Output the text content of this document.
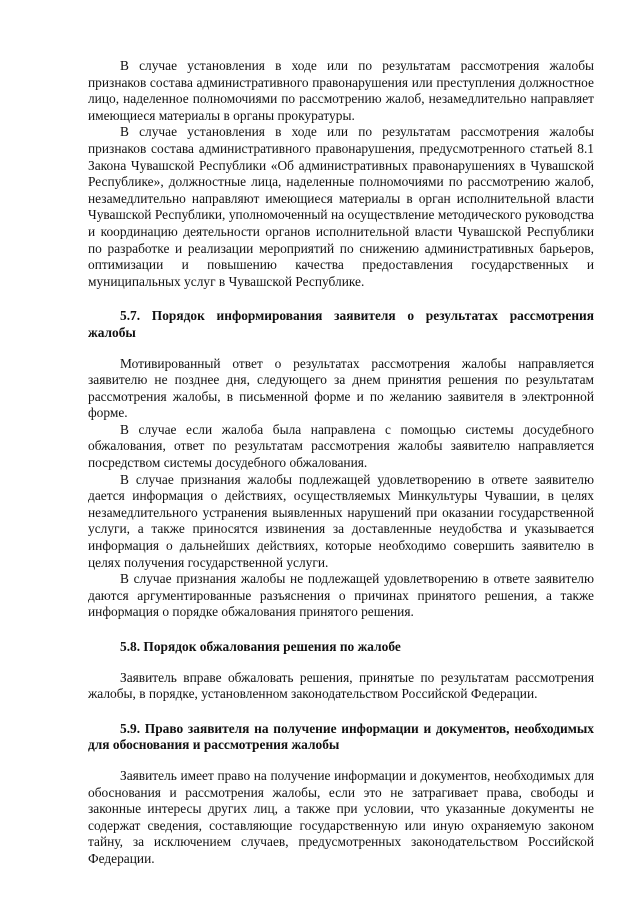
В случае установления в ходе или по результатам рассмотрения жалобы признаков состава административного правонарушения или преступления должностное лицо, наделенное полномочиями по рассмотрению жалоб, незамедлительно направляет имеющиеся материалы в органы прокуратуры.

В случае установления в ходе или по результатам рассмотрения жалобы признаков состава административного правонарушения, предусмотренного статьей 8.1 Закона Чувашской Республики «Об административных правонарушениях в Чувашской Республике», должностные лица, наделенные полномочиями по рассмотрению жалоб, незамедлительно направляют имеющиеся материалы в орган исполнительной власти Чувашской Республики, уполномоченный на осуществление методического руководства и координацию деятельности органов исполнительной власти Чувашской Республики по разработке и реализации мероприятий по снижению административных барьеров, оптимизации и повышению качества предоставления государственных и муниципальных услуг в Чувашской Республике.

5.7. Порядок информирования заявителя о результатах рассмотрения жалобы

Мотивированный ответ о результатах рассмотрения жалобы направляется заявителю не позднее дня, следующего за днем принятия решения по результатам рассмотрения жалобы, в письменной форме и по желанию заявителя в электронной форме.

В случае если жалоба была направлена с помощью системы досудебного обжалования, ответ по результатам рассмотрения жалобы заявителю направляется посредством системы досудебного обжалования.

В случае признания жалобы подлежащей удовлетворению в ответе заявителю дается информация о действиях, осуществляемых Минкультуры Чувашии, в целях незамедлительного устранения выявленных нарушений при оказании государственной услуги, а также приносятся извинения за доставленные неудобства и указывается информация о дальнейших действиях, которые необходимо совершить заявителю в целях получения государственной услуги.

В случае признания жалобы не подлежащей удовлетворению в ответе заявителю даются аргументированные разъяснения о причинах принятого решения, а также информация о порядке обжалования принятого решения.

5.8. Порядок обжалования решения по жалобе

Заявитель вправе обжаловать решения, принятые по результатам рассмотрения жалобы, в порядке, установленном законодательством Российской Федерации.

5.9. Право заявителя на получение информации и документов, необходимых для обоснования и рассмотрения жалобы

Заявитель имеет право на получение информации и документов, необходимых для обоснования и рассмотрения жалобы, если это не затрагивает права, свободы и законные интересы других лиц, а также при условии, что указанные документы не содержат сведения, составляющие государственную или иную охраняемую законом тайну, за исключением случаев, предусмотренных законодательством Российской Федерации.
